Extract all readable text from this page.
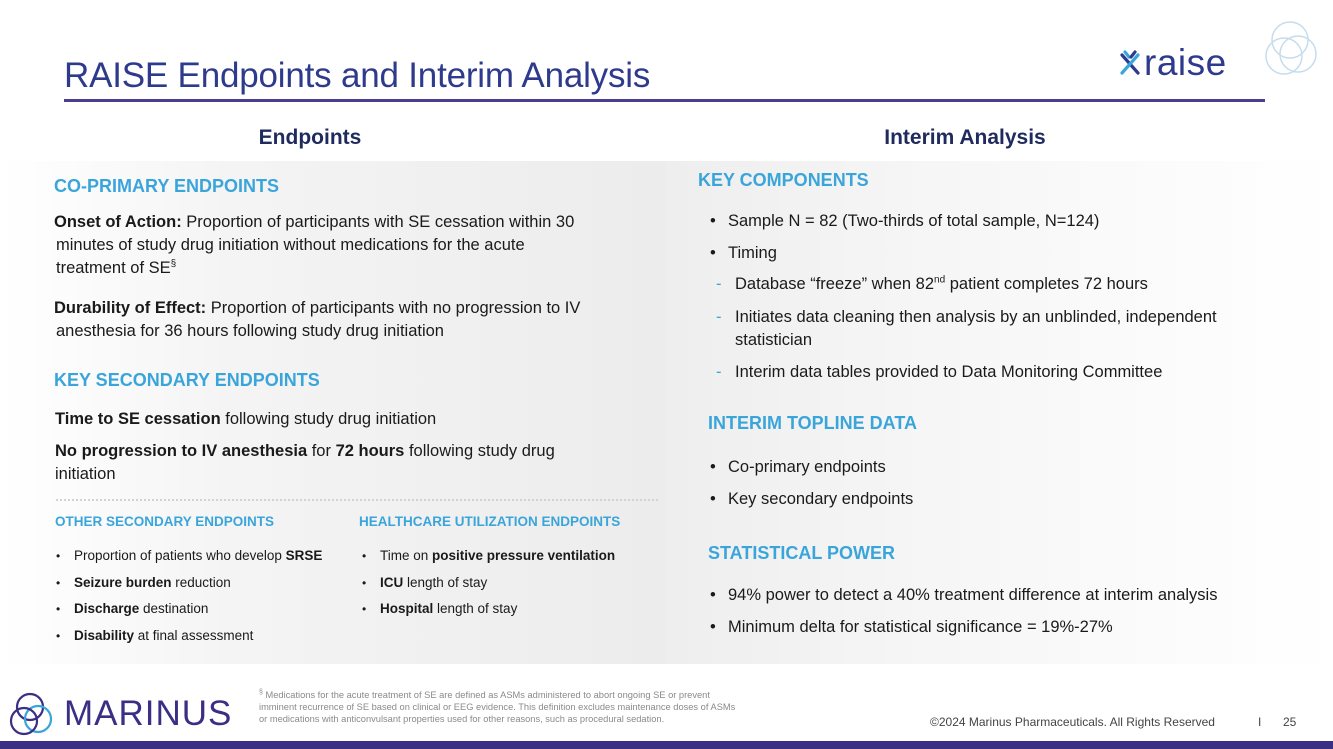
RAISE Endpoints and Interim Analysis	raise
Endpoints	Interim Analysis
CO-PRIMARY ENDPOINTS
Onset of Action: Proportion of participants with SE cessation within 30
minutes of study drug initiation without medications for the acute
treatment of SE§
Durability of Effect: Proportion of participants with no progression to IV
anesthesia for 36 hours following study drug initiation
KEY SECONDARY ENDPOINTS
Time to SE cessation following study drug initiation
No progression to IV anesthesia for 72 hours following study drug
initiation
OTHER SECONDARY ENDPOINTS	HEALTHCARE UTILIZATION ENDPOINTS
• Proportion of patients who develop SRSE
• Seizure burden reduction
• Discharge destination
• Disability at final assessment
• Time on positive pressure ventilation
• ICU length of stay
• Hospital length of stay
KEY COMPONENTS
• Sample N = 82 (Two-thirds of total sample, N=124)
• Timing
- Database “freeze” when 82nd patient completes 72 hours
- Initiates data cleaning then analysis by an unblinded, independent
statistician
- Interim data tables provided to Data Monitoring Committee
INTERIM TOPLINE DATA
• Co-primary endpoints
• Key secondary endpoints
STATISTICAL POWER
• 94% power to detect a 40% treatment difference at interim analysis
• Minimum delta for statistical significance = 19%-27%
MARINUS
§ Medications for the acute treatment of SE are defined as ASMs administered to abort ongoing SE or prevent
imminent recurrence of SE based on clinical or EEG evidence. This definition excludes maintenance doses of ASMs
or medications with anticonvulsant properties used for other reasons, such as procedural sedation.	©2024 Marinus Pharmaceuticals. All Rights Reserved	I 25
